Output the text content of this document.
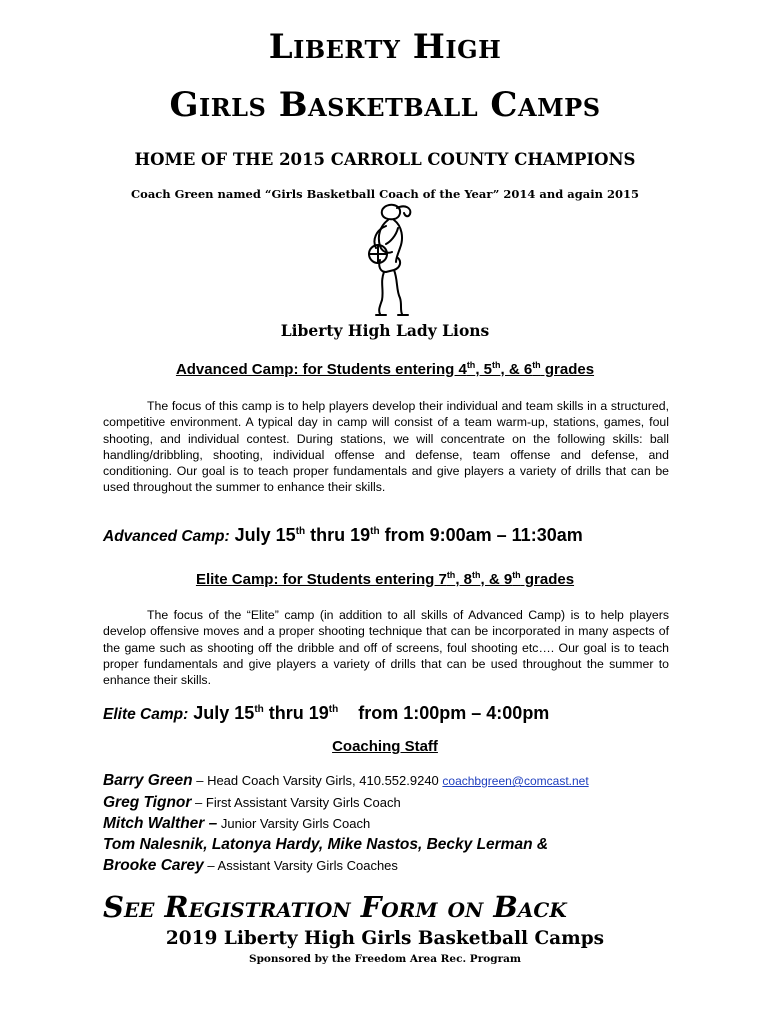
Liberty High
Girls Basketball Camps
HOME OF THE 2015 CARROLL COUNTY CHAMPIONS
Coach Green named “Girls Basketball Coach of the Year” 2014 and again 2015
Liberty High Lady Lions
Advanced Camp: for Students entering 4th, 5th, & 6th grades
The focus of this camp is to help players develop their individual and team skills in a structured, competitive environment. A typical day in camp will consist of a team warm-up, stations, games, foul shooting, and individual contest. During stations, we will concentrate on the following skills: ball handling/dribbling, shooting, individual offense and defense, team offense and defense, and conditioning. Our goal is to teach proper fundamentals and give players a variety of drills that can be used throughout the summer to enhance their skills.
Advanced Camp: July 15th thru 19th from 9:00am – 11:30am
Elite Camp: for Students entering 7th, 8th, & 9th grades
The focus of the “Elite” camp (in addition to all skills of Advanced Camp) is to help players develop offensive moves and a proper shooting technique that can be incorporated in many aspects of the game such as shooting off the dribble and off of screens, foul shooting etc…. Our goal is to teach proper fundamentals and give players a variety of drills that can be used throughout the summer to enhance their skills.
Elite Camp: July 15th thru 19th from 1:00pm – 4:00pm
Coaching Staff
Barry Green – Head Coach Varsity Girls, 410.552.9240 coachbgreen@comcast.net
Greg Tignor – First Assistant Varsity Girls Coach
Mitch Walther – Junior Varsity Girls Coach
Tom Nalesnik, Latonya Hardy, Mike Nastos, Becky Lerman &
Brooke Carey – Assistant Varsity Girls Coaches
See Registration Form on Back
2019 Liberty High Girls Basketball Camps
Sponsored by the Freedom Area Rec. Program
